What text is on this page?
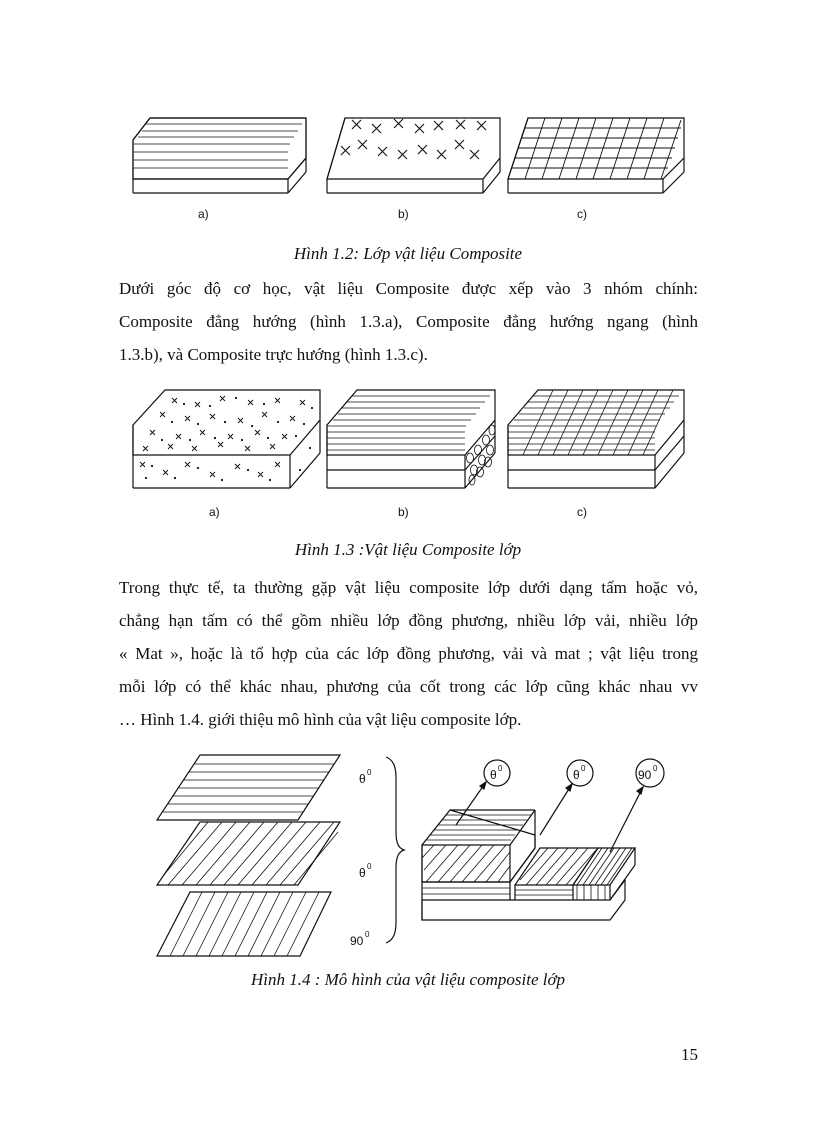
a)	b)	c)
Hình 1.2: Lớp vật liệu Composite
Dưới góc độ cơ học, vật liệu Composite được xếp vào 3 nhóm chính:
Composite đẳng hướng (hình 1.3.a), Composite đẳng hướng ngang (hình
1.3.b), và Composite trực hướng (hình 1.3.c).
a)	b)	c)
Hình 1.3 :Vật liệu Composite lớp
Trong thực tế, ta thường gặp vật liệu composite lớp dưới dạng tấm hoặc vỏ,
chẳng hạn tấm có thể gồm nhiều lớp đồng phương, nhiều lớp vải, nhiều lớp
« Mat », hoặc là tổ hợp của các lớp đồng phương, vải và mat ; vật liệu trong
mỗi lớp có thể khác nhau, phương của cốt trong các lớp cũng khác nhau vv
… Hình 1.4. giới thiệu mô hình của vật liệu composite lớp.
θ 0
θ 0
90 0
θ 0	θ 0	90 0
Hình 1.4 : Mô hình của vật liệu composite lớp
15
